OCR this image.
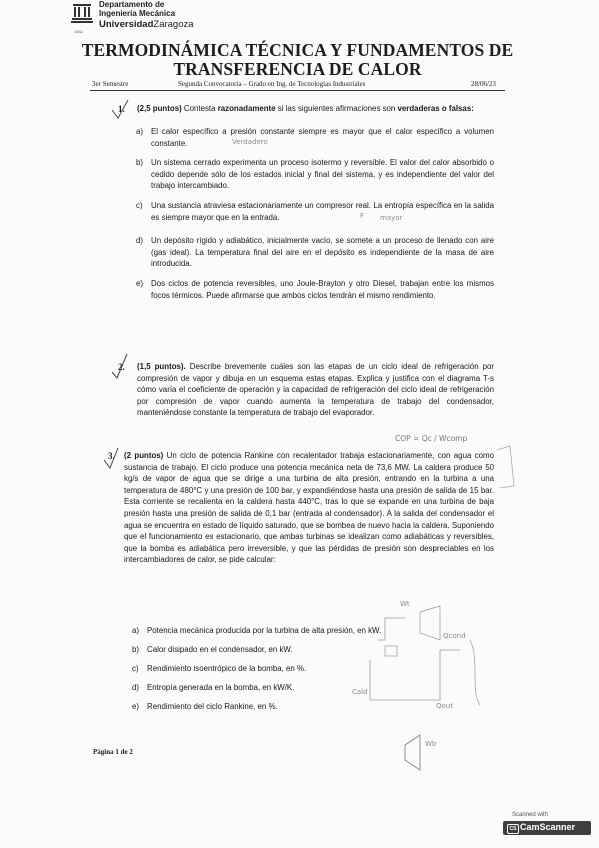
1542
Departamento de
Ingeniería Mecánica
UniversidadZaragoza
TERMODINÁMICA TÉCNICA Y FUNDAMENTOS DE
TRANSFERENCIA DE CALOR
3er Semestre	Segunda Convocatoria – Grado en Ing. de Tecnologías Industriales	28/06/23
1. (2,5 puntos) Contesta razonadamente si las siguientes afirmaciones son verdaderas o falsas:
a) El calor específico a presión constante siempre es mayor que el calor específico a volumen constante.
b) Un sistema cerrado experimenta un proceso isotermo y reversible. El valor del calor absorbido o cedido depende sólo de los estados inicial y final del sistema, y es independiente del valor del trabajo intercambiado.
c) Una sustancia atraviesa estacionariamente un compresor real. La entropía específica en la salida es siempre mayor que en la entrada.
d) Un depósito rígido y adiabático, inicialmente vacío, se somete a un proceso de llenado con aire (gas ideal). La temperatura final del aire en el depósito es independiente de la masa de aire introducida.
e) Dos ciclos de potencia reversibles, uno Joule-Brayton y otro Diesel, trabajan entre los mismos focos térmicos. Puede afirmarse que ambos ciclos tendrán el mismo rendimiento.
2. (1,5 puntos). Describe brevemente cuáles son las etapas de un ciclo ideal de refrigeración por compresión de vapor y dibuja en un esquema estas etapas. Explica y justifica con el diagrama T-s cómo varía el coeficiente de operación y la capacidad de refrigeración del ciclo ideal de refrigeración por compresión de vapor cuando aumenta la temperatura de trabajo del condensador, manteniéndose constante la temperatura de trabajo del evaporador.
3. (2 puntos) Un ciclo de potencia Rankine con recalentador trabaja estacionariamente, con agua como sustancia de trabajo. El ciclo produce una potencia mecánica neta de 73,6 MW. La caldera produce 50 kg/s de vapor de agua que se dirige a una turbina de alta presión, entrando en la turbina a una temperatura de 480°C y una presión de 100 bar, y expandiéndose hasta una presión de salida de 15 bar. Esta corriente se recalienta en la caldera hasta 440°C, tras lo que se expande en una turbina de baja presión hasta una presión de salida de 0,1 bar (entrada al condensador). A la salida del condensador el agua se encuentra en estado de líquido saturado, que se bombea de nuevo hacia la caldera. Suponiendo que el funcionamiento es estacionario, que ambas turbinas se idealizan como adiabáticas y reversibles, que la bomba es adiabática pero irreversible, y que las pérdidas de presión son despreciables en los intercambiadores de calor, se pide calcular:
a) Potencia mecánica producida por la turbina de alta presión, en kW.
b) Calor disipado en el condensador, en kW.
c) Rendimiento isoentrópico de la bomba, en %.
d) Entropía generada en la bomba, en kW/K.
e) Rendimiento del ciclo Rankine, en %.
Verdadero
F mayor
COP = Qc / Wcomp
Wt
Qcond
Cald
Qout
Wb
Página 1 de 2
Scanned with
CS CamScanner
